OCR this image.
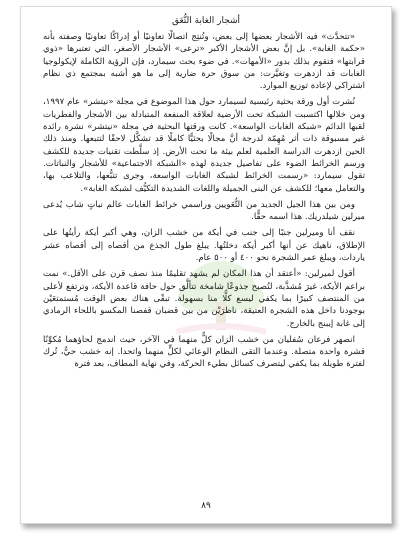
أشجار الغابة التُّعَق

«تتحدَّث» فيه الأشجار بعضها إلى بعض، وتُنتِج اتصالًا تعاونيًا أو إدراكًا تعاونيًا وصفته بأنه «حكمة الغابة». بل إنَّ بعض الأشجار الأكبر «ترعى» الأشجار الأصغر، التي تعتبرها «ذوي قرابتها» فتقوم بذلك بدور «الأمهات». في ضوء بحث سيمارد، فإن الرؤية الكاملة لإيكولوجيا الغابات قد ازدهرت وتغيَّرت: من سوق حرة ضارية إلى ما هو أشبه بمجتمع ذي نظام اشتراكي لإعادة توزيع الموارد.

نُشرت أول ورقة بحثية رئيسية لسيمارد حول هذا الموضوع في مجلة «نيتشر» عام ١٩٩٧، ومن خلالها اكتسبت الشبكة تحت الأرضية لعلاقة المنفعة المتبادلة بين الأشجار والفطريات لقبها الدائم «شبكة الغابات الواسعة». كانت ورقتها البحثية في مجلة «نيتشر» نشرة رائدة غير مسبوقة ذات أثر مُهِمّة لدرجة أنَّ مجالًا بحثيًّا كاملًا قد تشكَّل لاحقًا لتتبعها. ومنذ ذلك الحين ازدهرت الدراسة العلمية لعلم بيئة ما تحت الأرض. إذ سلَّطت تقنيات جديدة للكشف ورسم الخرائط الضوء على تفاصيل جديدة لهذه «الشبكة الاجتماعية» للأشجار والنباتات. تقول سيمارد: «رسمت الخرائط لشبكة الغابات الواسعة، وجرى تتبُّعها، والتلاعب بها، والتعامل معها؛ للكشف عن البنى الجميلة واللغات الشديدة التكيُّف لشبكة الغابة».

ومن بين هذا الجيل الجديد من التُّعَويين وراسمي خرائط الغابات عالم نباتٍ شاب يُدعى ميرلين شيلدريك. هذا اسمه حقًّا.

نقف أنا وميرلين جنبًا إلى جنب في أيكة من خشب الزان، وهي أكبر أيكة رأيتُها على الإطلاق، ناهيك عن أنها أكبر أيكة دخلتُها. يبلغ طول الجذع من أقصاه إلى أقصاه عشر ياردات، ويبلغ عمر الشجرة نحو ٤٠٠ أو ٥٠٠ عام.

أقول لميرلين: «أعتقد أن هذا المكان لم يشهد تقليمًا منذ نصف قرن على الأقل.» نمت براعم الأيكة، غيرَ مُشذَّبة، لتُصبح جذوعًا شامخة تتألَّق حول حافة قاعدة الأيكة، وترتفع لأعلى من المنتصف كبيرًا بما يكفي ليسع كلًّا منا بسهولة. تبقّى هناك بعض الوقت مُستمتعَيْن بوجودنا داخل هذه الشجرة العتيقة، ناظرَيْن من بين قضبان قفصنا المكسو باللحاء الرمادي إلى غابة إيبنج بالخارج.

انصهر فرعان سُفليان من خشب الزان كلٌّ منهما في الآخر، حيث اندمج لحاؤهما مُكوِّنًا قشرة واحدة متصلة. وعندما التقى النظام الوعائي لكلٍّ منهما واتحدا. إنه خشب حيٌّ، تُرك لفترة طويلة بما يكفي ليتصرف كسائل بطيء الحركة، وفي نهاية المطاف، بعد فترة

٨٩
